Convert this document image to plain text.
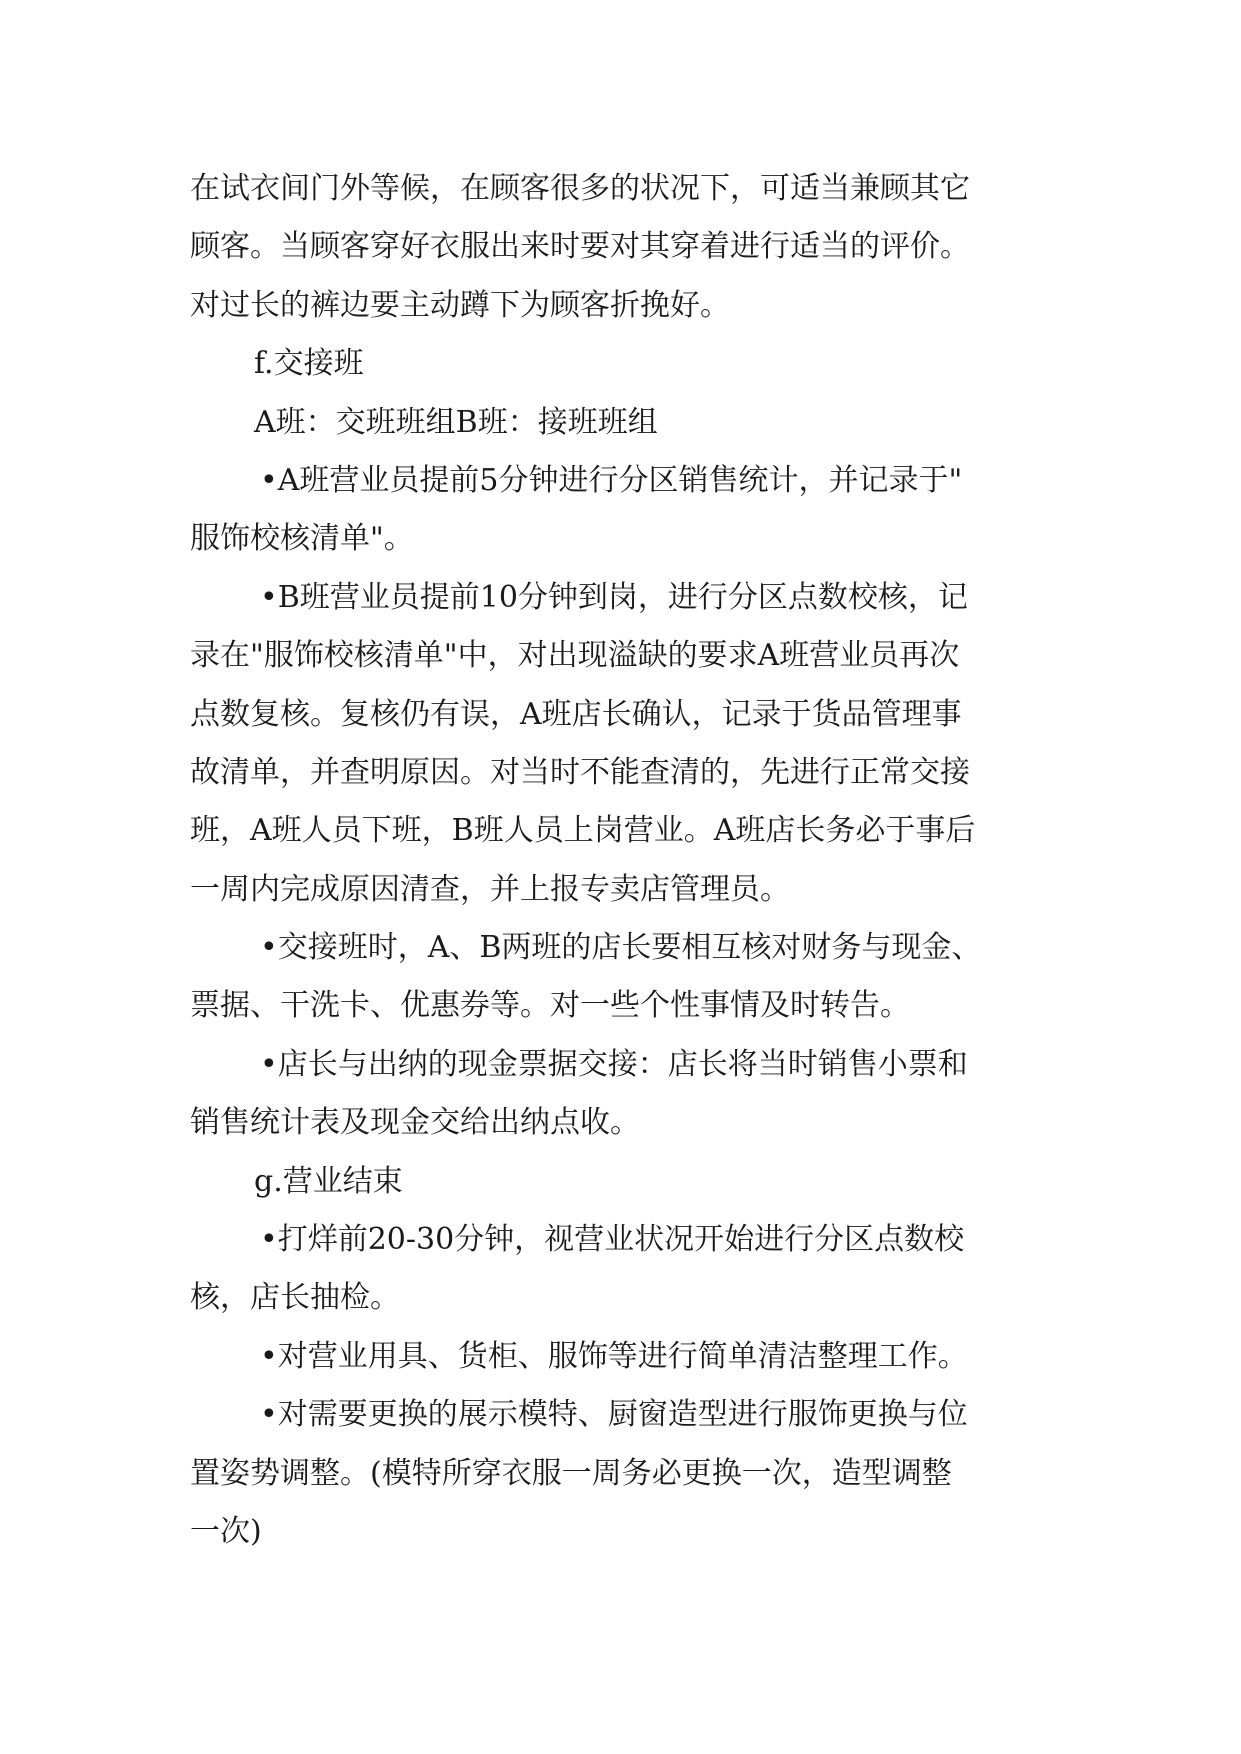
在试衣间门外等候，在顾客很多的状况下，可适当兼顾其它
顾客。当顾客穿好衣服出来时要对其穿着进行适当的评价。
对过长的裤边要主动蹲下为顾客折挽好。
f.交接班
A班：交班班组B班：接班班组
•A班营业员提前5分钟进行分区销售统计，并记录于"
服饰校核清单"。
•B班营业员提前10分钟到岗，进行分区点数校核，记
录在"服饰校核清单"中，对出现溢缺的要求A班营业员再次
点数复核。复核仍有误，A班店长确认，记录于货品管理事
故清单，并查明原因。对当时不能查清的，先进行正常交接
班，A班人员下班，B班人员上岗营业。A班店长务必于事后
一周内完成原因清查，并上报专卖店管理员。
•交接班时，A、B两班的店长要相互核对财务与现金、
票据、干洗卡、优惠券等。对一些个性事情及时转告。
•店长与出纳的现金票据交接：店长将当时销售小票和
销售统计表及现金交给出纳点收。
g.营业结束
•打烊前20-30分钟，视营业状况开始进行分区点数校
核，店长抽检。
•对营业用具、货柜、服饰等进行简单清洁整理工作。
•对需要更换的展示模特、厨窗造型进行服饰更换与位
置姿势调整。(模特所穿衣服一周务必更换一次，造型调整
一次)
